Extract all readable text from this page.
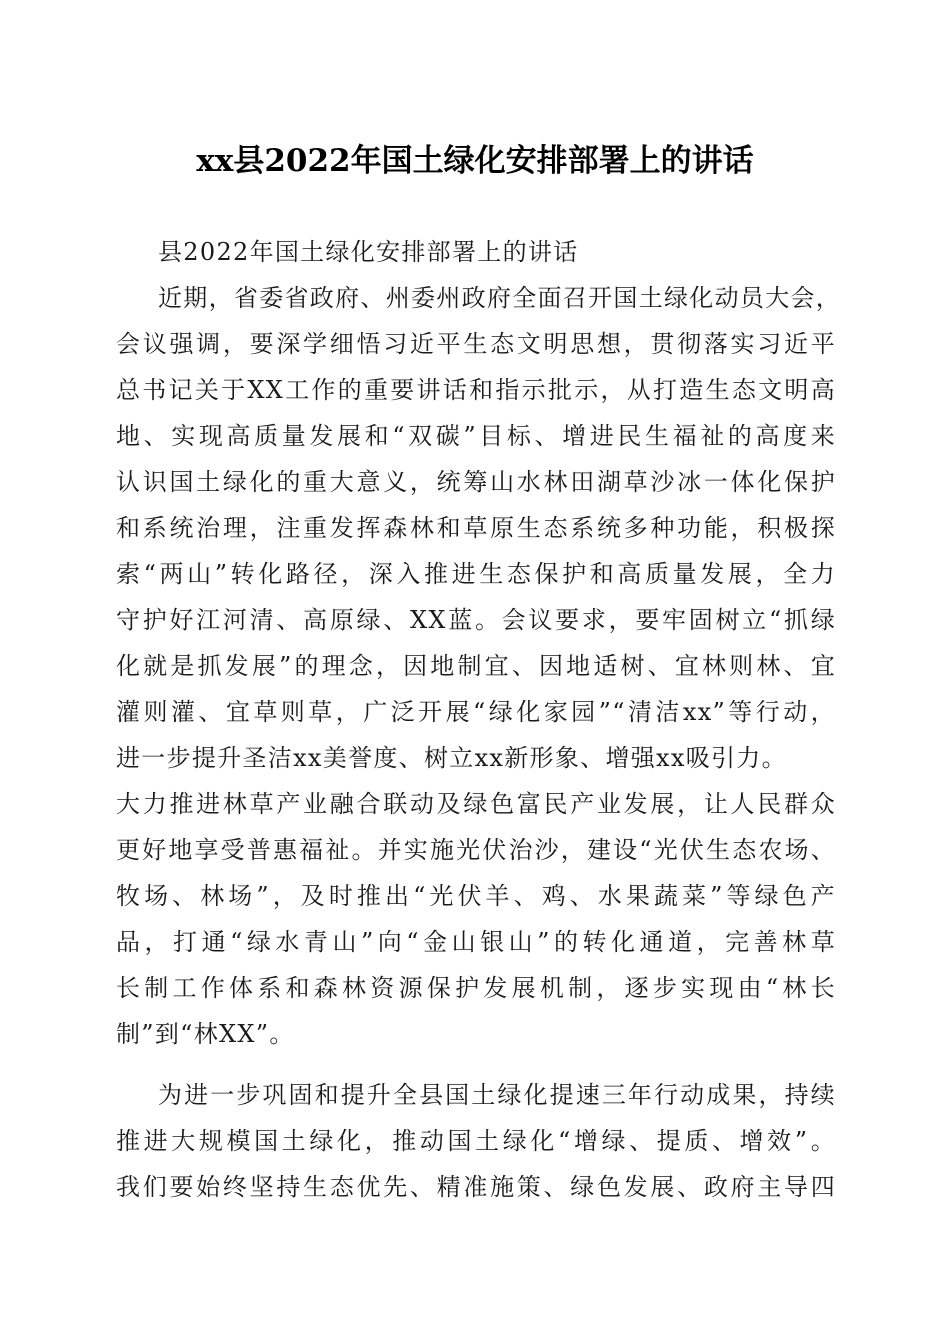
xx县2022年国土绿化安排部署上的讲话
县2022年国土绿化安排部署上的讲话
近期，省委省政府、州委州政府全面召开国土绿化动员大会，
会议强调，要深学细悟习近平生态文明思想，贯彻落实习近平
总书记关于XX工作的重要讲话和指示批示，从打造生态文明高
地、实现高质量发展和“双碳”目标、增进民生福祉的高度来
认识国土绿化的重大意义，统筹山水林田湖草沙冰一体化保护
和系统治理，注重发挥森林和草原生态系统多种功能，积极探
索“两山”转化路径，深入推进生态保护和高质量发展，全力
守护好江河清、高原绿、XX蓝。会议要求，要牢固树立“抓绿
化就是抓发展”的理念，因地制宜、因地适树、宜林则林、宜
灌则灌、宜草则草，广泛开展“绿化家园”“清洁xx”等行动，
进一步提升圣洁xx美誉度、树立xx新形象、增强xx吸引力。
大力推进林草产业融合联动及绿色富民产业发展，让人民群众
更好地享受普惠福祉。并实施光伏治沙，建设“光伏生态农场、
牧场、林场”，及时推出“光伏羊、鸡、水果蔬菜”等绿色产
品，打通“绿水青山”向“金山银山”的转化通道，完善林草
长制工作体系和森林资源保护发展机制，逐步实现由“林长
制”到“林XX”。
为进一步巩固和提升全县国土绿化提速三年行动成果，持续
推进大规模国土绿化，推动国土绿化“增绿、提质、增效”。
我们要始终坚持生态优先、精准施策、绿色发展、政府主导四
